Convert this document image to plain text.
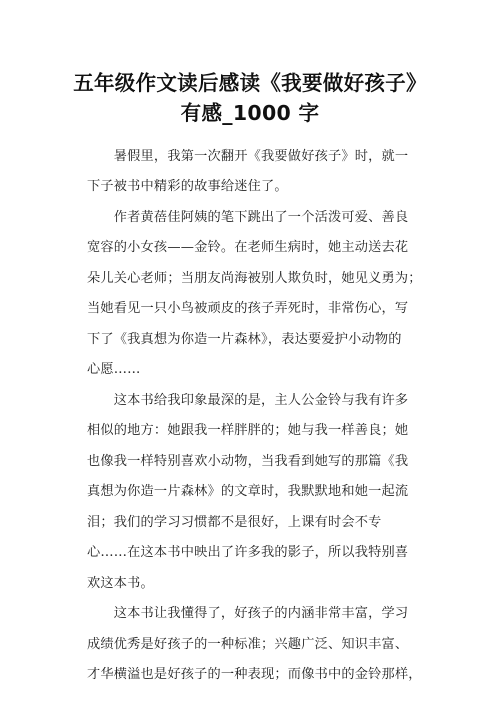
五年级作文读后感读《我要做好孩子》
有感_1000 字
　　暑假里，我第一次翻开《我要做好孩子》时，就一
下子被书中精彩的故事给迷住了。
　　作者黄蓓佳阿姨的笔下跳出了一个活泼可爱、善良
宽容的小女孩——金铃。在老师生病时，她主动送去花
朵儿关心老师；当朋友尚海被别人欺负时，她见义勇为；
当她看见一只小鸟被顽皮的孩子弄死时，非常伤心，写
下了《我真想为你造一片森林》，表达要爱护小动物的
心愿……
　　这本书给我印象最深的是，主人公金铃与我有许多
相似的地方：她跟我一样胖胖的；她与我一样善良；她
也像我一样特别喜欢小动物，当我看到她写的那篇《我
真想为你造一片森林》的文章时，我默默地和她一起流
泪；我们的学习习惯都不是很好，上课有时会不专
心……在这本书中映出了许多我的影子，所以我特别喜
欢这本书。
　　这本书让我懂得了，好孩子的内涵非常丰富，学习
成绩优秀是好孩子的一种标准；兴趣广泛、知识丰富、
才华横溢也是好孩子的一种表现；而像书中的金铃那样，
